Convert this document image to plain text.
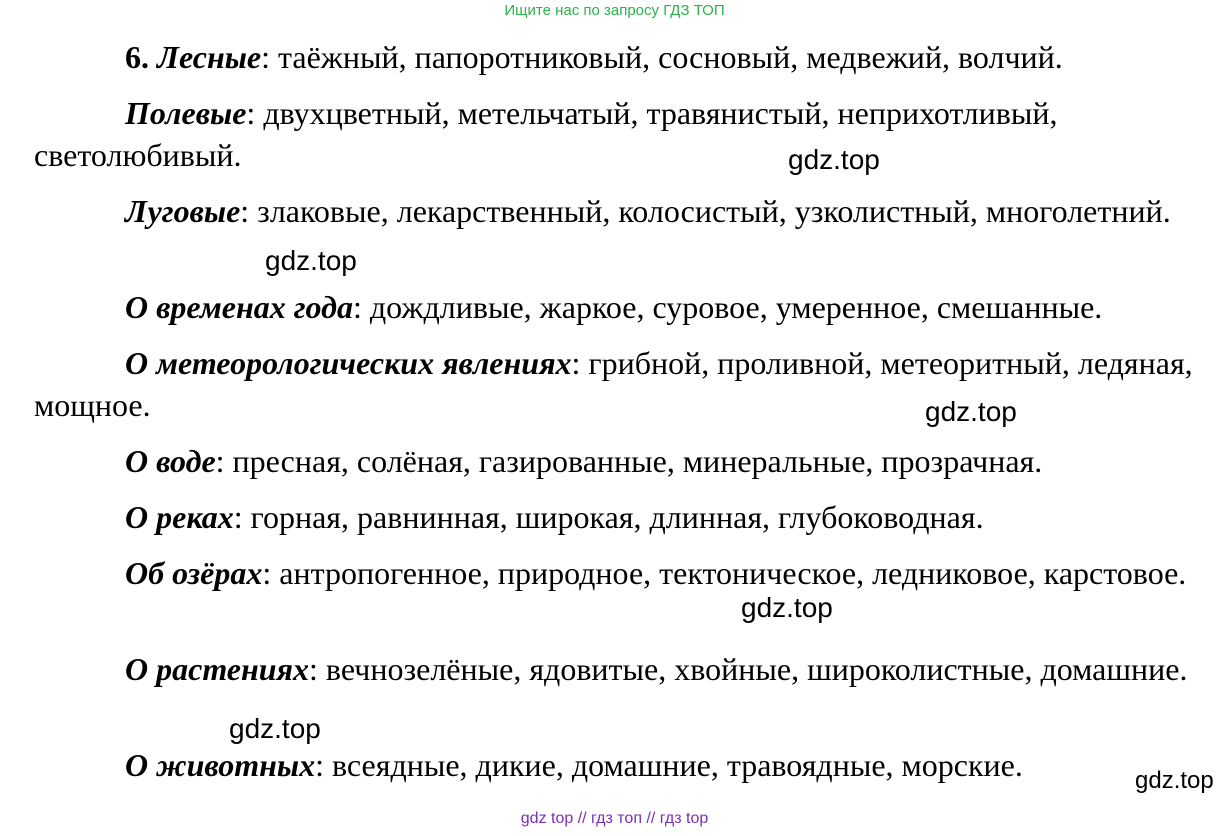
Ищите нас по запросу ГДЗ ТОП

6. Лесные: таёжный, папоротниковый, сосновый, медвежий, волчий.

Полевые: двухцветный, метельчатый, травянистый, неприхотливый, светолюбивый.

Луговые: злаковые, лекарственный, колосистый, узколистный, многолетний.

О временах года: дождливые, жаркое, суровое, умеренное, смешанные.

О метеорологических явлениях: грибной, проливной, метеоритный, ледяная, мощное.

О воде: пресная, солёная, газированные, минеральные, прозрачная.

О реках: горная, равнинная, широкая, длинная, глубоководная.

Об озёрах: антропогенное, природное, тектоническое, ледниковое, карстовое.

О растениях: вечнозелёные, ядовитые, хвойные, широколистные, домашние.

О животных: всеядные, дикие, домашние, травоядные, морские.

gdz.top
gdz.top
gdz.top
gdz.top
gdz.top
gdz.top
gdz top // гдз топ // гдз top
